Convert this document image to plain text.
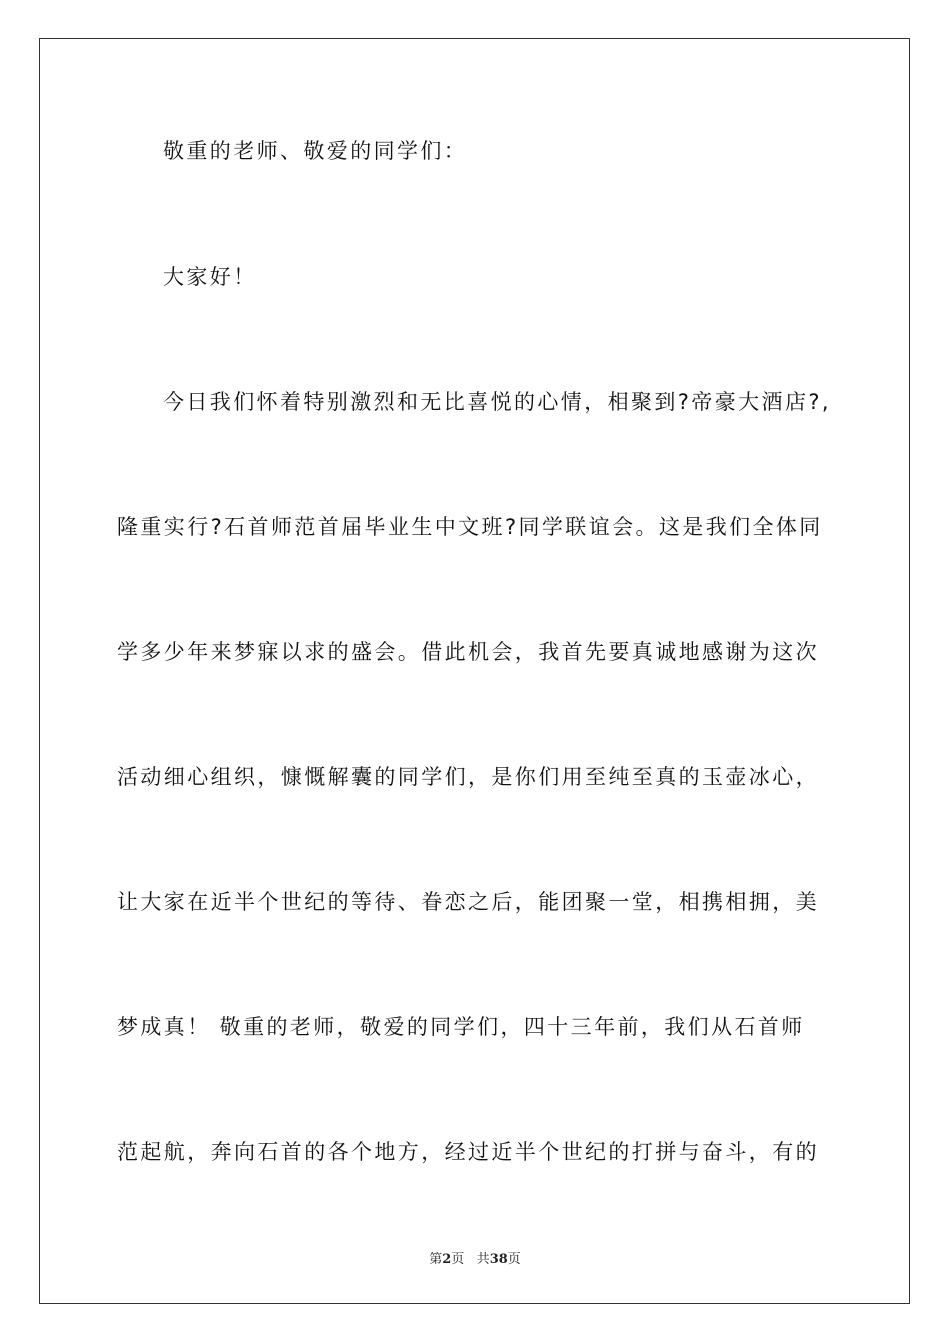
敬重的老师、敬爱的同学们：
大家好！
今日我们怀着特别激烈和无比喜悦的心情，相聚到?帝豪大酒店?,
隆重实行?石首师范首届毕业生中文班?同学联谊会。这是我们全体同
学多少年来梦寐以求的盛会。借此机会，我首先要真诚地感谢为这次
活动细心组织，慷慨解囊的同学们，是你们用至纯至真的玉壶冰心，
让大家在近半个世纪的等待、眷恋之后，能团聚一堂，相携相拥，美
梦成真！ 敬重的老师，敬爱的同学们，四十三年前，我们从石首师
范起航，奔向石首的各个地方，经过近半个世纪的打拼与奋斗，有的
第2页 共38页
